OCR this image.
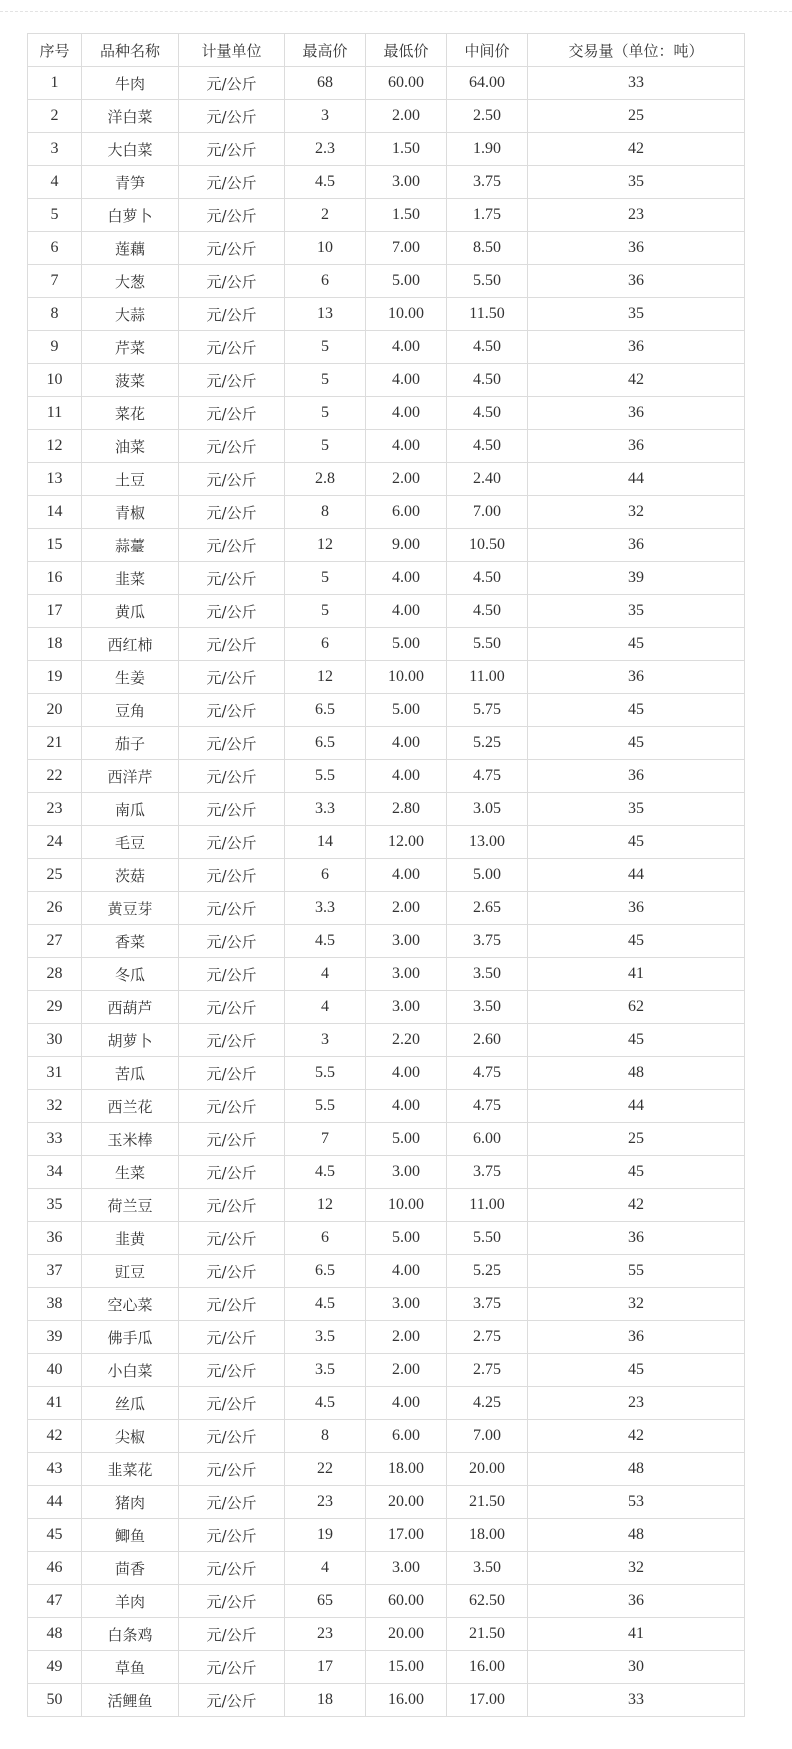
序号	品种名称	计量单位	最高价	最低价	中间价	交易量（单位：吨）
1	牛肉	元/公斤	68	60.00	64.00	33
2	洋白菜	元/公斤	3	2.00	2.50	25
3	大白菜	元/公斤	2.3	1.50	1.90	42
4	青笋	元/公斤	4.5	3.00	3.75	35
5	白萝卜	元/公斤	2	1.50	1.75	23
6	莲藕	元/公斤	10	7.00	8.50	36
7	大葱	元/公斤	6	5.00	5.50	36
8	大蒜	元/公斤	13	10.00	11.50	35
9	芹菜	元/公斤	5	4.00	4.50	36
10	菠菜	元/公斤	5	4.00	4.50	42
11	菜花	元/公斤	5	4.00	4.50	36
12	油菜	元/公斤	5	4.00	4.50	36
13	土豆	元/公斤	2.8	2.00	2.40	44
14	青椒	元/公斤	8	6.00	7.00	32
15	蒜薹	元/公斤	12	9.00	10.50	36
16	韭菜	元/公斤	5	4.00	4.50	39
17	黄瓜	元/公斤	5	4.00	4.50	35
18	西红柿	元/公斤	6	5.00	5.50	45
19	生姜	元/公斤	12	10.00	11.00	36
20	豆角	元/公斤	6.5	5.00	5.75	45
21	茄子	元/公斤	6.5	4.00	5.25	45
22	西洋芹	元/公斤	5.5	4.00	4.75	36
23	南瓜	元/公斤	3.3	2.80	3.05	35
24	毛豆	元/公斤	14	12.00	13.00	45
25	茨菇	元/公斤	6	4.00	5.00	44
26	黄豆芽	元/公斤	3.3	2.00	2.65	36
27	香菜	元/公斤	4.5	3.00	3.75	45
28	冬瓜	元/公斤	4	3.00	3.50	41
29	西葫芦	元/公斤	4	3.00	3.50	62
30	胡萝卜	元/公斤	3	2.20	2.60	45
31	苦瓜	元/公斤	5.5	4.00	4.75	48
32	西兰花	元/公斤	5.5	4.00	4.75	44
33	玉米棒	元/公斤	7	5.00	6.00	25
34	生菜	元/公斤	4.5	3.00	3.75	45
35	荷兰豆	元/公斤	12	10.00	11.00	42
36	韭黄	元/公斤	6	5.00	5.50	36
37	豇豆	元/公斤	6.5	4.00	5.25	55
38	空心菜	元/公斤	4.5	3.00	3.75	32
39	佛手瓜	元/公斤	3.5	2.00	2.75	36
40	小白菜	元/公斤	3.5	2.00	2.75	45
41	丝瓜	元/公斤	4.5	4.00	4.25	23
42	尖椒	元/公斤	8	6.00	7.00	42
43	韭菜花	元/公斤	22	18.00	20.00	48
44	猪肉	元/公斤	23	20.00	21.50	53
45	鲫鱼	元/公斤	19	17.00	18.00	48
46	茴香	元/公斤	4	3.00	3.50	32
47	羊肉	元/公斤	65	60.00	62.50	36
48	白条鸡	元/公斤	23	20.00	21.50	41
49	草鱼	元/公斤	17	15.00	16.00	30
50	活鲤鱼	元/公斤	18	16.00	17.00	33
